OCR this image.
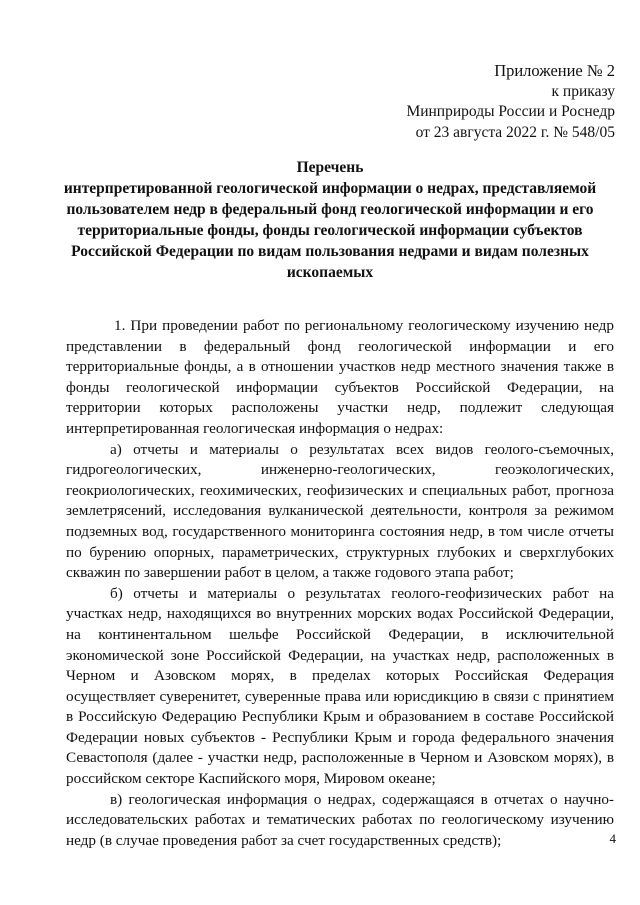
Приложение № 2
к приказу
Минприроды России и Роснедр
от 23 августа 2022 г. № 548/05
Перечень
интерпретированной геологической информации о недрах, представляемой пользователем недр в федеральный фонд геологической информации и его территориальные фонды, фонды геологической информации субъектов Российской Федерации по видам пользования недрами и видам полезных ископаемых

1. При проведении работ по региональному геологическому изучению недр представлении в федеральный фонд геологической информации и его территориальные фонды, а в отношении участков недр местного значения также в фонды геологической информации субъектов Российской Федерации, на территории которых расположены участки недр, подлежит следующая интерпретированная геологическая информация о недрах:

а) отчеты и материалы о результатах всех видов геолого-съемочных, гидрогеологических, инженерно-геологических, геоэкологических, геокриологических, геохимических, геофизических и специальных работ, прогноза землетрясений, исследования вулканической деятельности, контроля за режимом подземных вод, государственного мониторинга состояния недр, в том числе отчеты по бурению опорных, параметрических, структурных глубоких и сверхглубоких скважин по завершении работ в целом, а также годового этапа работ;

б) отчеты и материалы о результатах геолого-геофизических работ на участках недр, находящихся во внутренних морских водах Российской Федерации, на континентальном шельфе Российской Федерации, в исключительной экономической зоне Российской Федерации, на участках недр, расположенных в Черном и Азовском морях, в пределах которых Российская Федерация осуществляет суверенитет, суверенные права или юрисдикцию в связи с принятием в Российскую Федерацию Республики Крым и образованием в составе Российской Федерации новых субъектов - Республики Крым и города федерального значения Севастополя (далее - участки недр, расположенные в Черном и Азовском морях), в российском секторе Каспийского моря, Мировом океане;

в) геологическая информация о недрах, содержащаяся в отчетах о научно-исследовательских работах и тематических работах по геологическому изучению недр (в случае проведения работ за счет государственных средств);	4
